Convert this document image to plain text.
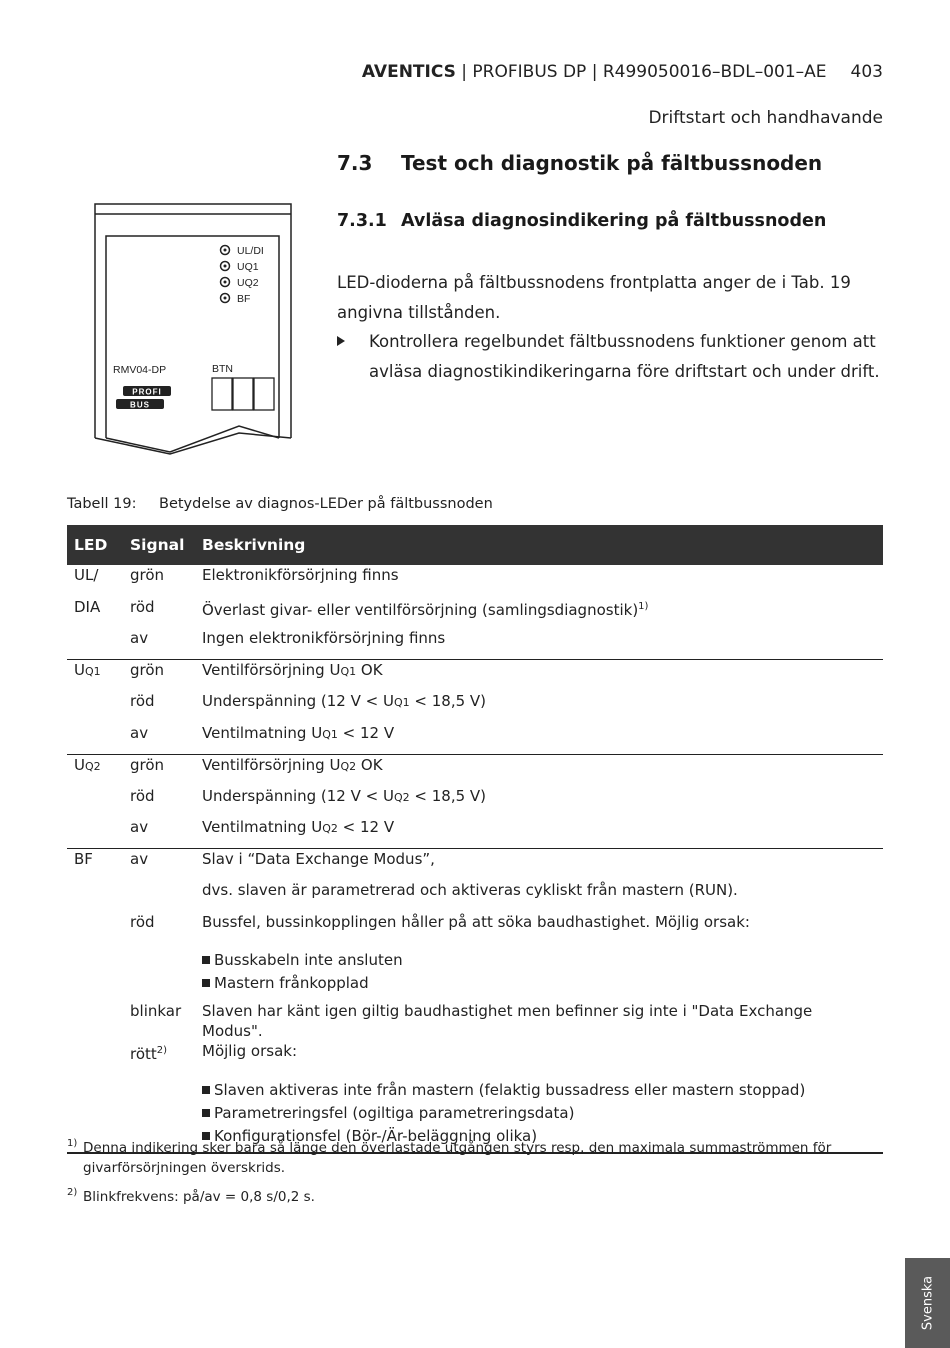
AVENTICS | PROFIBUS DP | R499050016–BDL–001–AE 403
Driftstart och handhavande
7.3 Test och diagnostik på fältbussnoden
7.3.1 Avläsa diagnosindikering på fältbussnoden
UL/DI
UQ1
UQ2
BF
RMV04-DP	BTN
PROFI
BUS
LED-dioderna på fältbussnodens frontplatta anger de i Tab. 19 angivna tillstånden.
Kontrollera regelbundet fältbussnodens funktioner genom att avläsa diagnostikindikeringarna före driftstart och under drift.
Tabell 19: Betydelse av diagnos-LEDer på fältbussnoden
LED	Signal	Beskrivning
UL/	grön	Elektronikförsörjning finns
DIA	röd	Överlast givar- eller ventilförsörjning (samlingsdiagnostik)$^{1)}$
	av	Ingen elektronikförsörjning finns
UQ1	grön	Ventilförsörjning UQ1 OK
	röd	Underspänning (12 V < UQ1 < 18,5 V)
	av	Ventilmatning UQ1 < 12 V
UQ2	grön	Ventilförsörjning UQ2 OK
	röd	Underspänning (12 V < UQ2 < 18,5 V)
	av	Ventilmatning UQ2 < 12 V
BF	av	Slav i “Data Exchange Modus”,
		dvs. slaven är parametrerad och aktiveras cykliskt från mastern (RUN).
	röd	Bussfel, bussinkopplingen håller på att söka baudhastighet. Möjlig orsak:

		Busskabeln inte ansluten
Mastern frånkopplad

	blinkar	Slaven har känt igen giltig baudhastighet men befinner sig inte i "Data Exchange Modus".
	rött$^{2)}$	Möjlig orsak:

		Slaven aktiveras inte från mastern (felaktig bussadress eller mastern stoppad)
Parametreringsfel (ogiltiga parametreringsdata)
Konfigurationsfel (Bör-/Är-beläggning olika)
1) Denna indikering sker bara så länge den överlastade utgången styrs resp. den maximala summaströmmen för givarförsörjningen överskrids.
2) Blinkfrekvens: på/av = 0,8 s/0,2 s.
Svenska
